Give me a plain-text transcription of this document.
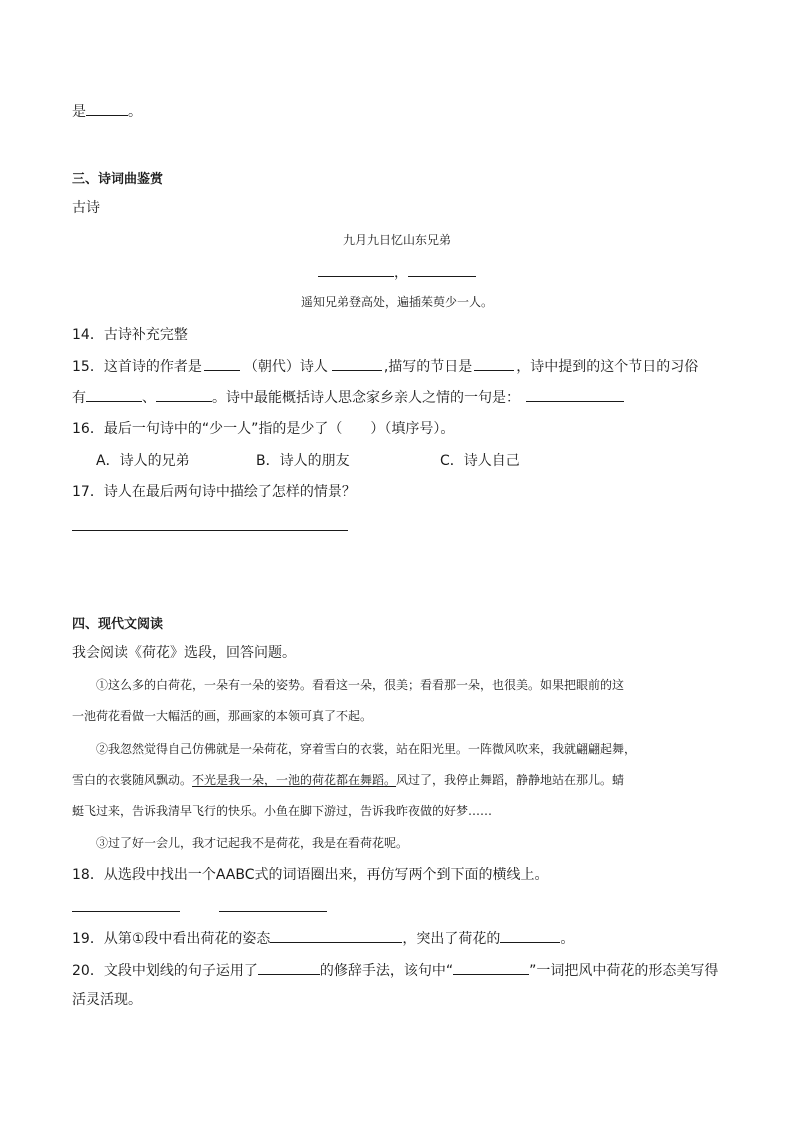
是	。
三、诗词曲鉴赏
古诗
九月九日忆山东兄弟
，
遥知兄弟登高处，遍插茱萸少一人。
14．古诗补充完整
15．这首诗的作者是	（朝代）诗人	,描写的节日是	，诗中提到的这个节日的习俗
有	、	。诗中最能概括诗人思念家乡亲人之情的一句是：
16．最后一句诗中的“少一人”指的是少了（　　）（填序号）。
A．诗人的兄弟	B．诗人的朋友	C．诗人自己
17．诗人在最后两句诗中描绘了怎样的情景？
四、现代文阅读
我会阅读《荷花》选段，回答问题。
①这么多的白荷花，一朵有一朵的姿势。看看这一朵，很美；看看那一朵，也很美。如果把眼前的这
一池荷花看做一大幅活的画，那画家的本领可真了不起。
②我忽然觉得自己仿佛就是一朵荷花，穿着雪白的衣裳，站在阳光里。一阵微风吹来，我就翩翩起舞，
雪白的衣裳随风飘动。不光是我一朵，一池的荷花都在舞蹈。风过了，我停止舞蹈，静静地站在那儿。蜻
蜓飞过来，告诉我清早飞行的快乐。小鱼在脚下游过，告诉我昨夜做的好梦……
③过了好一会儿，我才记起我不是荷花，我是在看荷花呢。
18．从选段中找出一个AABC式的词语圈出来，再仿写两个到下面的横线上。
19．从第①段中看出荷花的姿态	，突出了荷花的	。
20．文段中划线的句子运用了	的修辞手法，该句中“	”一词把风中荷花的形态美写得
活灵活现。
